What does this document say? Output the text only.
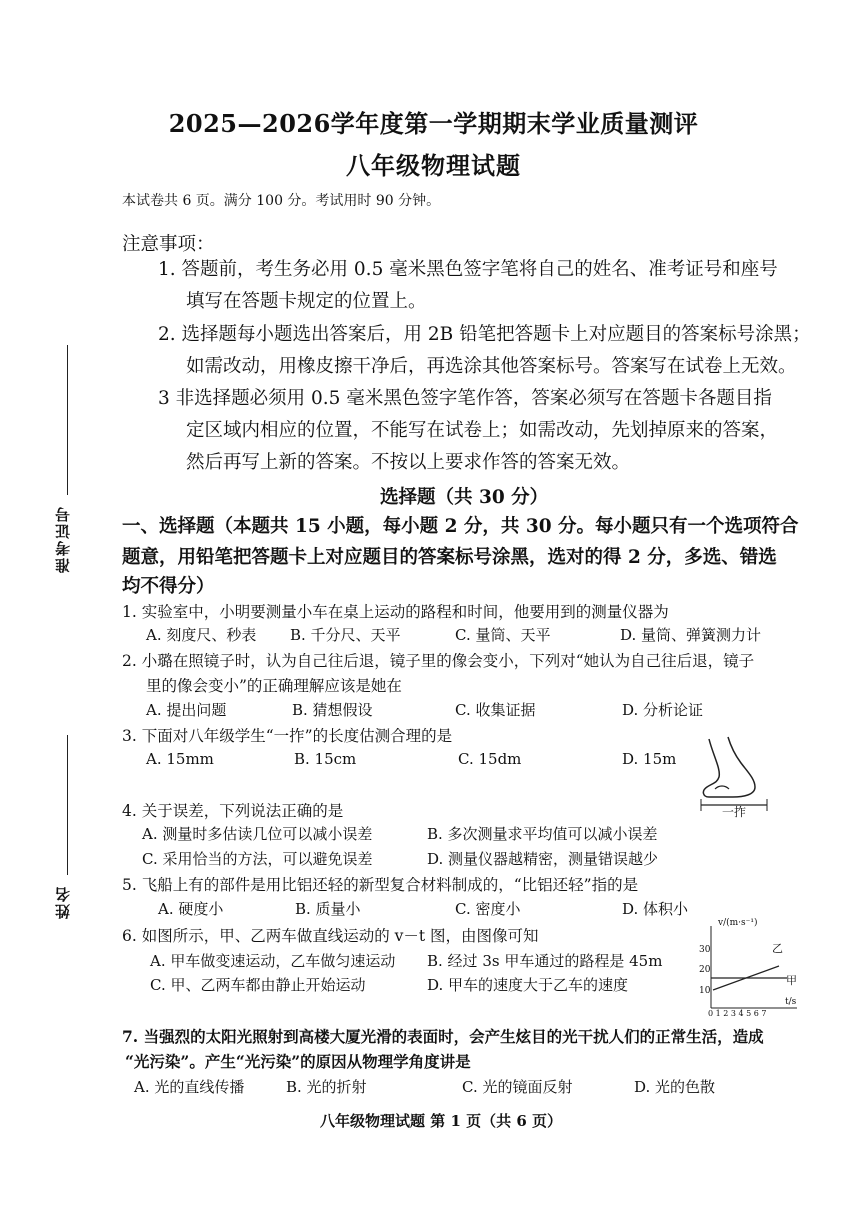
2025—2026学年度第一学期期末学业质量测评
八年级物理试题
本试卷共 6 页。满分 100 分。考试用时 90 分钟。
注意事项：
1. 答题前，考生务必用 0.5 毫米黑色签字笔将自己的姓名、准考证号和座号
填写在答题卡规定的位置上。
2. 选择题每小题选出答案后，用 2B 铅笔把答题卡上对应题目的答案标号涂黑；
如需改动，用橡皮擦干净后，再选涂其他答案标号。答案写在试卷上无效。
3 非选择题必须用 0.5 毫米黑色签字笔作答，答案必须写在答题卡各题目指
定区域内相应的位置，不能写在试卷上；如需改动，先划掉原来的答案，
然后再写上新的答案。不按以上要求作答的答案无效。
选择题（共 30 分）
一、选择题（本题共 15 小题，每小题 2 分，共 30 分。每小题只有一个选项符合
题意，用铅笔把答题卡上对应题目的答案标号涂黑，选对的得 2 分，多选、错选
均不得分）
准考证号
姓名
1. 实验室中，小明要测量小车在桌上运动的路程和时间，他要用到的测量仪器为
A. 刻度尺、秒表 B. 千分尺、天平	C. 量筒、天平	D. 量筒、弹簧测力计
2. 小璐在照镜子时，认为自己往后退，镜子里的像会变小，下列对“她认为自己往后退，镜子
里的像会变小”的正确理解应该是她在
A. 提出问题	B. 猜想假设	C. 收集证据	D. 分析论证
3. 下面对八年级学生“一拃”的长度估测合理的是
A. 15mm	B. 15cm	C. 15dm	D. 15m
一拃
4. 关于误差，下列说法正确的是
A. 测量时多估读几位可以减小误差	B. 多次测量求平均值可以减小误差
C. 采用恰当的方法，可以避免误差	D. 测量仪器越精密，测量错误越少
5. 飞船上有的部件是用比铝还轻的新型复合材料制成的，“比铝还轻”指的是
A. 硬度小	B. 质量小	C. 密度小	D. 体积小
6. 如图所示，甲、乙两车做直线运动的 v－t 图，由图像可知
A. 甲车做变速运动，乙车做匀速运动 B. 经过 3s 甲车通过的路程是 45m
C. 甲、乙两车都由静止开始运动	D. 甲车的速度大于乙车的速度
v/(m·s⁻¹)
30
20
10
乙
甲
t/s
0 1 2 3 4 5 6 7
7. 当强烈的太阳光照射到高楼大厦光滑的表面时，会产生炫目的光干扰人们的正常生活，造成
“光污染”。产生“光污染”的原因从物理学角度讲是
A. 光的直线传播	B. 光的折射	C. 光的镜面反射	D. 光的色散
八年级物理试题 第 1 页（共 6 页）
